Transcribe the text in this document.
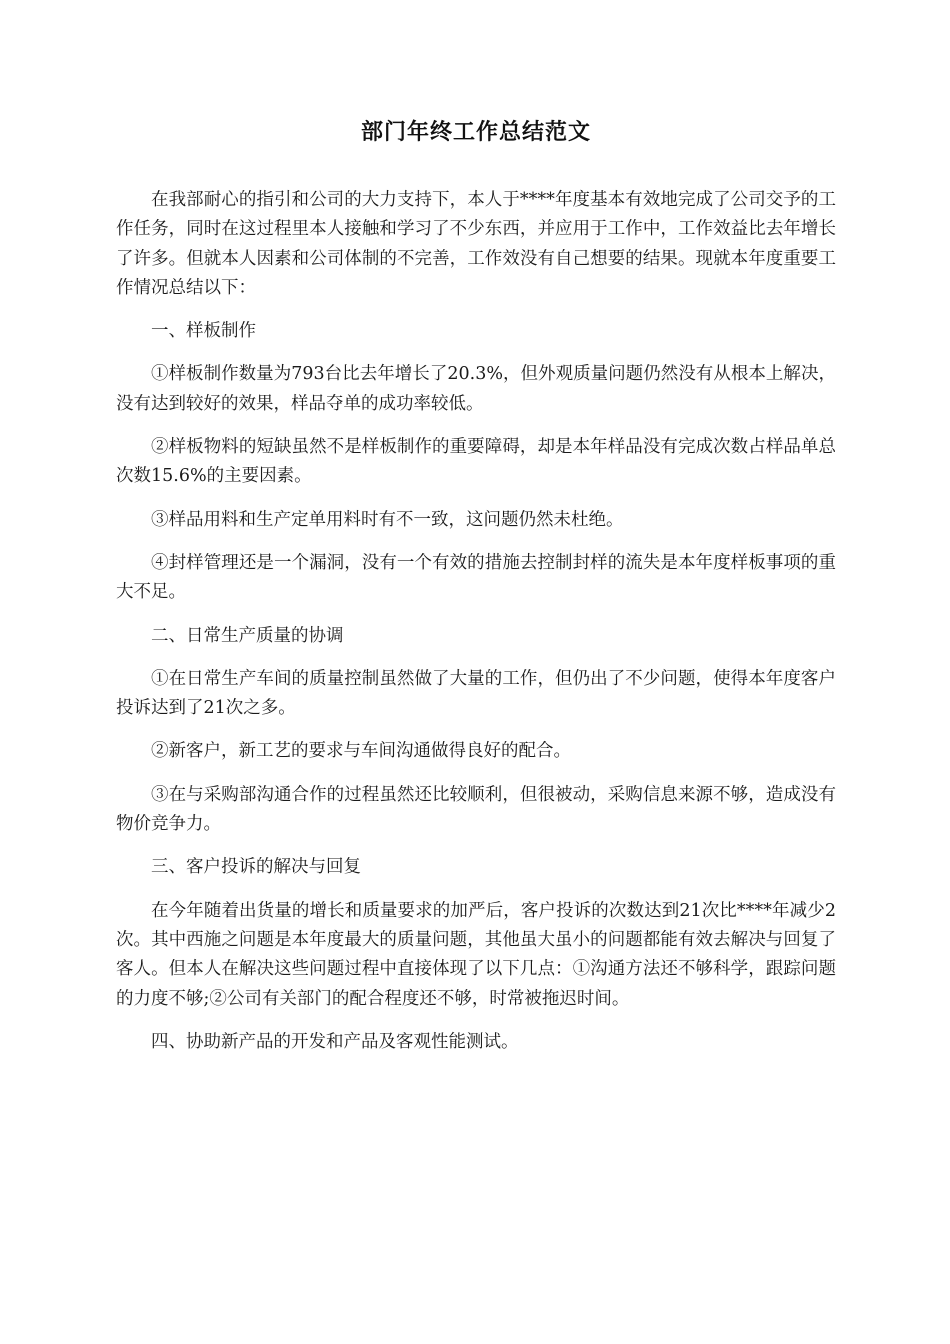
部门年终工作总结范文

在我部耐心的指引和公司的大力支持下，本人于****年度基本有效地完成了公司交予的工作任务，同时在这过程里本人接触和学习了不少东西，并应用于工作中，工作效益比去年增长了许多。但就本人因素和公司体制的不完善，工作效没有自己想要的结果。现就本年度重要工作情况总结以下：

一、样板制作

①样板制作数量为793台比去年增长了20.3%，但外观质量问题仍然没有从根本上解决，没有达到较好的效果，样品夺单的成功率较低。

②样板物料的短缺虽然不是样板制作的重要障碍，却是本年样品没有完成次数占样品单总次数15.6%的主要因素。

③样品用料和生产定单用料时有不一致，这问题仍然未杜绝。

④封样管理还是一个漏洞，没有一个有效的措施去控制封样的流失是本年度样板事项的重大不足。

二、日常生产质量的协调

①在日常生产车间的质量控制虽然做了大量的工作，但仍出了不少问题，使得本年度客户投诉达到了21次之多。

②新客户，新工艺的要求与车间沟通做得良好的配合。

③在与采购部沟通合作的过程虽然还比较顺利，但很被动，采购信息来源不够，造成没有物价竞争力。

三、客户投诉的解决与回复

在今年随着出货量的增长和质量要求的加严后，客户投诉的次数达到21次比****年减少2次。其中西施之问题是本年度最大的质量问题，其他虽大虽小的问题都能有效去解决与回复了客人。但本人在解决这些问题过程中直接体现了以下几点：①沟通方法还不够科学，跟踪问题的力度不够;②公司有关部门的配合程度还不够，时常被拖迟时间。

四、协助新产品的开发和产品及客观性能测试。
